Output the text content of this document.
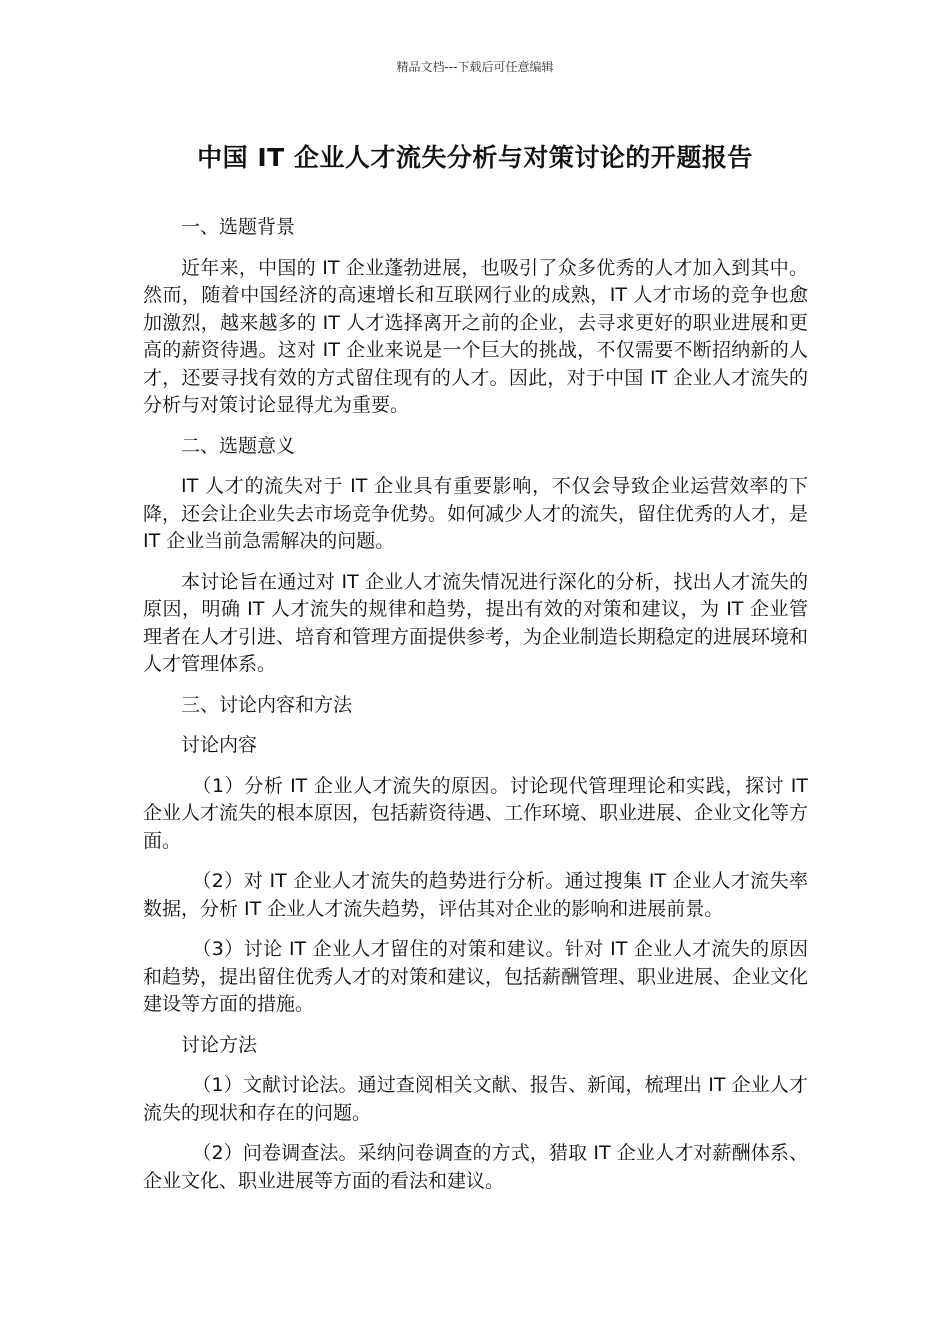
精品文档---下载后可任意编辑
中国 IT 企业人才流失分析与对策讨论的开题报告

一、选题背景

近年来，中国的 IT 企业蓬勃进展，也吸引了众多优秀的人才加入到其中。然而，随着中国经济的高速增长和互联网行业的成熟，IT 人才市场的竞争也愈加激烈，越来越多的 IT 人才选择离开之前的企业，去寻求更好的职业进展和更高的薪资待遇。这对 IT 企业来说是一个巨大的挑战，不仅需要不断招纳新的人才，还要寻找有效的方式留住现有的人才。因此，对于中国 IT 企业人才流失的分析与对策讨论显得尤为重要。

二、选题意义

IT 人才的流失对于 IT 企业具有重要影响，不仅会导致企业运营效率的下降，还会让企业失去市场竞争优势。如何减少人才的流失，留住优秀的人才，是 IT 企业当前急需解决的问题。

本讨论旨在通过对 IT 企业人才流失情况进行深化的分析，找出人才流失的原因，明确 IT 人才流失的规律和趋势，提出有效的对策和建议，为 IT 企业管理者在人才引进、培育和管理方面提供参考，为企业制造长期稳定的进展环境和人才管理体系。

三、讨论内容和方法

讨论内容

（1）分析 IT 企业人才流失的原因。讨论现代管理理论和实践，探讨 IT 企业人才流失的根本原因，包括薪资待遇、工作环境、职业进展、企业文化等方面。

（2）对 IT 企业人才流失的趋势进行分析。通过搜集 IT 企业人才流失率数据，分析 IT 企业人才流失趋势，评估其对企业的影响和进展前景。

（3）讨论 IT 企业人才留住的对策和建议。针对 IT 企业人才流失的原因和趋势，提出留住优秀人才的对策和建议，包括薪酬管理、职业进展、企业文化建设等方面的措施。

讨论方法

（1）文献讨论法。通过查阅相关文献、报告、新闻，梳理出 IT 企业人才流失的现状和存在的问题。

（2）问卷调查法。采纳问卷调查的方式，猎取 IT 企业人才对薪酬体系、企业文化、职业进展等方面的看法和建议。
